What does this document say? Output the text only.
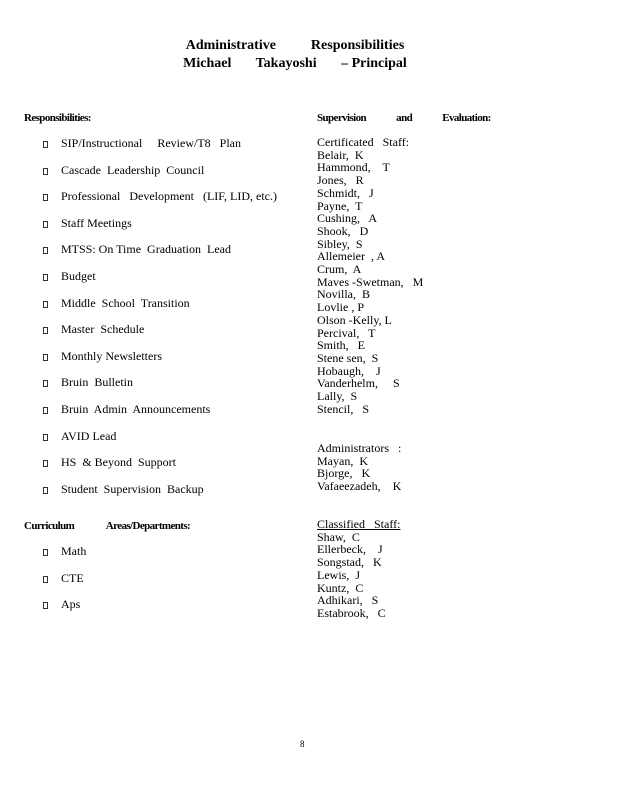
Administrative          Responsibilities
Michael       Takayoshi       – Principal
Responsibilities:	Supervision and Evaluation:
SIP/Instructional     Review/T8   Plan
Cascade  Leadership  Council
Professional   Development   (LIF, LID, etc.)
Staff Meetings
MTSS: On Time  Graduation  Lead
Budget
Middle  School  Transition
Master  Schedule
Monthly Newsletters
Bruin  Bulletin
Bruin  Admin  Announcements
AVID Lead
HS  & Beyond  Support
Student  Supervision  Backup
Certificated   Staff:
Belair,  K
Hammond,    T
Jones,   R
Schmidt,   J
Payne,  T
Cushing,   A
Shook,   D
Sibley,  S
Allemeier  , A
Crum,  A
Maves -Swetman,   M
Novilla,  B
Lovlie , P
Olson -Kelly, L
Percival,   T
Smith,   E
Stene sen,  S
Hobaugh,    J
Vanderhelm,     S
Lally,  S
Stencil,   S
Administrators   :
Mayan,  K
Bjorge,   K
Vafaeezadeh,    K
Curriculum Areas/Departments:
Math
CTE
Aps
Classified   Staff:
Shaw,  C
Ellerbeck,    J
Songstad,   K
Lewis,  J
Kuntz,  C
Adhikari,   S
Estabrook,   C
8
